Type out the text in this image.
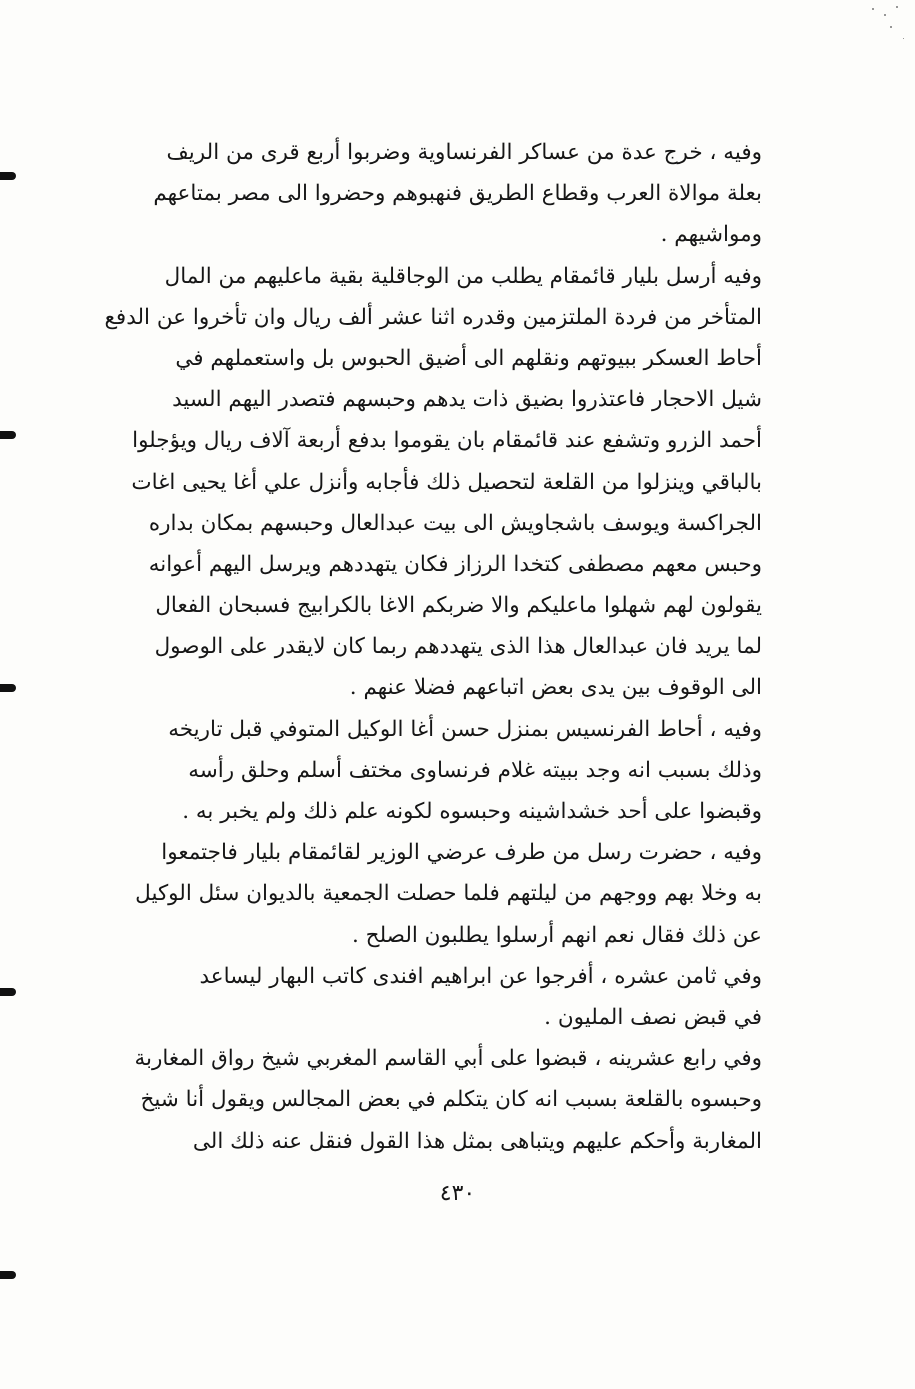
وفيه ، خرج عدة من عساكر الفرنساوية وضربوا أربع قرى من الريف
بعلة موالاة العرب وقطاع الطريق فنهبوهم وحضروا الى مصر بمتاعهم
ومواشيهم .
وفيه أرسل بليار قائمقام يطلب من الوجاقلية بقية ماعليهم من المال
المتأخر من فردة الملتزمين وقدره اثنا عشر ألف ريال وان تأخروا عن الدفع
أحاط العسكر ببيوتهم ونقلهم الى أضيق الحبوس بل واستعملهم في
شيل الاحجار فاعتذروا بضيق ذات يدهم وحبسهم فتصدر اليهم السيد
أحمد الزرو وتشفع عند قائمقام بان يقوموا بدفع أربعة آلاف ريال ويؤجلوا
بالباقي وينزلوا من القلعة لتحصيل ذلك فأجابه وأنزل علي أغا يحيى اغات
الجراكسة ويوسف باشجاويش الى بيت عبدالعال وحبسهم بمكان بداره
وحبس معهم مصطفى كتخدا الرزاز فكان يتهددهم ويرسل اليهم أعوانه
يقولون لهم شهلوا ماعليكم والا ضربكم الاغا بالكرابيج فسبحان الفعال
لما يريد فان عبدالعال هذا الذى يتهددهم ربما كان لايقدر على الوصول
الى الوقوف بين يدى بعض اتباعهم فضلا عنهم .
وفيه ، أحاط الفرنسيس بمنزل حسن أغا الوكيل المتوفي قبل تاريخه
وذلك بسبب انه وجد ببيته غلام فرنساوى مختف أسلم وحلق رأسه
وقبضوا على أحد خشداشينه وحبسوه لكونه علم ذلك ولم يخبر به .
وفيه ، حضرت رسل من طرف عرضي الوزير لقائمقام بليار فاجتمعوا
به وخلا بهم ووجهم من ليلتهم فلما حصلت الجمعية بالديوان سئل الوكيل
عن ذلك فقال نعم انهم أرسلوا يطلبون الصلح .
وفي ثامن عشره ، أفرجوا عن ابراهيم افندى كاتب البهار ليساعد
في قبض نصف المليون .
وفي رابع عشرينه ، قبضوا على أبي القاسم المغربي شيخ رواق المغاربة
وحبسوه بالقلعة بسبب انه كان يتكلم في بعض المجالس ويقول أنا شيخ
المغاربة وأحكم عليهم ويتباهى بمثل هذا القول فنقل عنه ذلك الى
٤٣٠
